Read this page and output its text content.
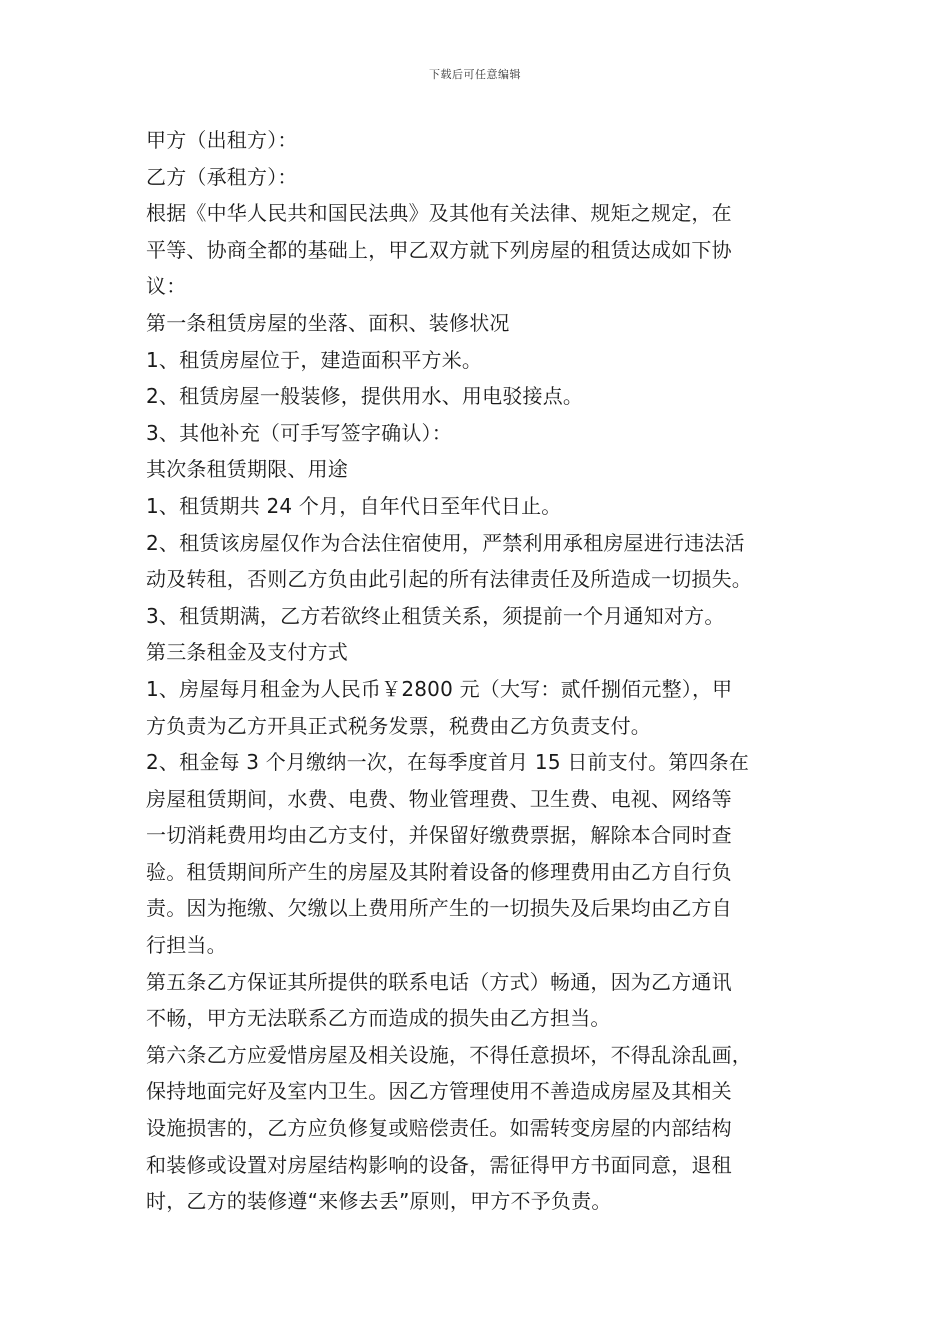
下载后可任意编辑
甲方（出租方）：
乙方（承租方）：
根据《中华人民共和国民法典》及其他有关法律、规矩之规定，在
平等、协商全都的基础上，甲乙双方就下列房屋的租赁达成如下协
议：
第一条租赁房屋的坐落、面积、装修状况
1、租赁房屋位于，建造面积平方米。
2、租赁房屋一般装修，提供用水、用电驳接点。
3、其他补充（可手写签字确认）：
其次条租赁期限、用途
1、租赁期共 24 个月，自年代日至年代日止。
2、租赁该房屋仅作为合法住宿使用，严禁利用承租房屋进行违法活
动及转租，否则乙方负由此引起的所有法律责任及所造成一切损失。
3、租赁期满，乙方若欲终止租赁关系，须提前一个月通知对方。
第三条租金及支付方式
1、房屋每月租金为人民币￥2800 元（大写：贰仟捌佰元整），甲
方负责为乙方开具正式税务发票，税费由乙方负责支付。
2、租金每 3 个月缴纳一次，在每季度首月 15 日前支付。第四条在
房屋租赁期间，水费、电费、物业管理费、卫生费、电视、网络等
一切消耗费用均由乙方支付，并保留好缴费票据，解除本合同时查
验。租赁期间所产生的房屋及其附着设备的修理费用由乙方自行负
责。因为拖缴、欠缴以上费用所产生的一切损失及后果均由乙方自
行担当。
第五条乙方保证其所提供的联系电话（方式）畅通，因为乙方通讯
不畅，甲方无法联系乙方而造成的损失由乙方担当。
第六条乙方应爱惜房屋及相关设施，不得任意损坏，不得乱涂乱画，
保持地面完好及室内卫生。因乙方管理使用不善造成房屋及其相关
设施损害的，乙方应负修复或赔偿责任。如需转变房屋的内部结构
和装修或设置对房屋结构影响的设备，需征得甲方书面同意，退租
时，乙方的装修遵“来修去丢”原则，甲方不予负责。
